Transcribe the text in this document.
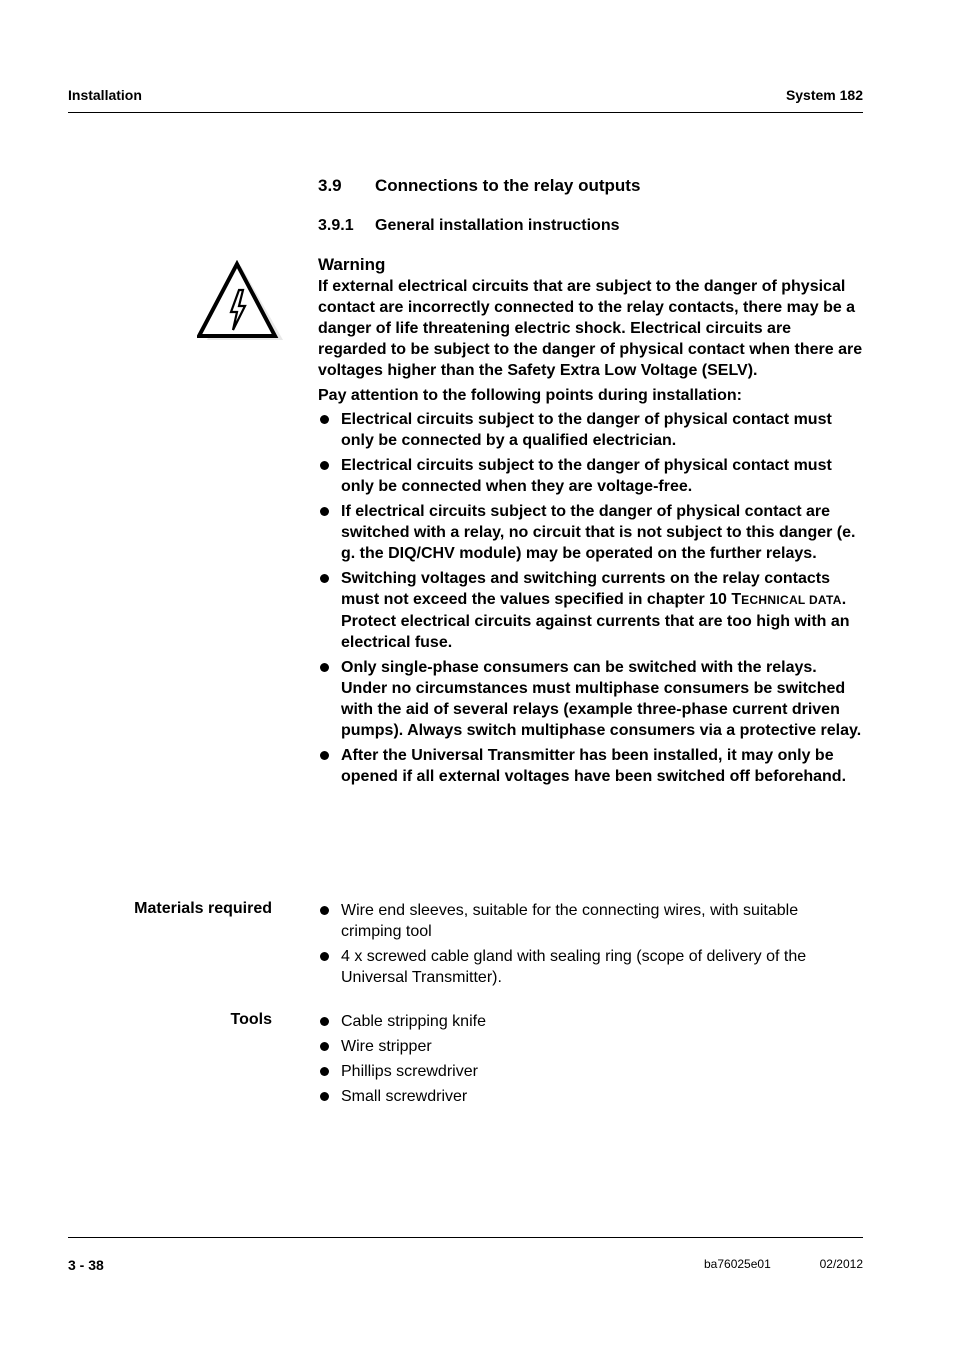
Installation	System 182
3.9 Connections to the relay outputs
3.9.1 General installation instructions
Warning

If external electrical circuits that are subject to the danger of physical contact are incorrectly connected to the relay contacts, there may be a danger of life threatening electric shock. Electrical circuits are regarded to be subject to the danger of physical contact when there are voltages higher than the Safety Extra Low Voltage (SELV).

Pay attention to the following points during installation:

Electrical circuits subject to the danger of physical contact must only be connected by a qualified electrician.
Electrical circuits subject to the danger of physical contact must only be connected when they are voltage-free.
If electrical circuits subject to the danger of physical contact are switched with a relay, no circuit that is not subject to this danger (e. g. the DIQ/CHV module) may be operated on the further relays.
Switching voltages and switching currents on the relay contacts must not exceed the values specified in chapter 10 TECHNICAL DATA. Protect electrical circuits against currents that are too high with an electrical fuse.
Only single-phase consumers can be switched with the relays. Under no circumstances must multiphase consumers be switched with the aid of several relays (example three-phase current driven pumps). Always switch multiphase consumers via a protective relay.
After the Universal Transmitter has been installed, it may only be opened if all external voltages have been switched off beforehand.
Materials required	Wire end sleeves, suitable for the connecting wires, with suitable crimping tool
4 x screwed cable gland with sealing ring (scope of delivery of the Universal Transmitter).
Tools	Cable stripping knife
Wire stripper
Phillips screwdriver
Small screwdriver
3 - 38	ba76025e01	02/2012
